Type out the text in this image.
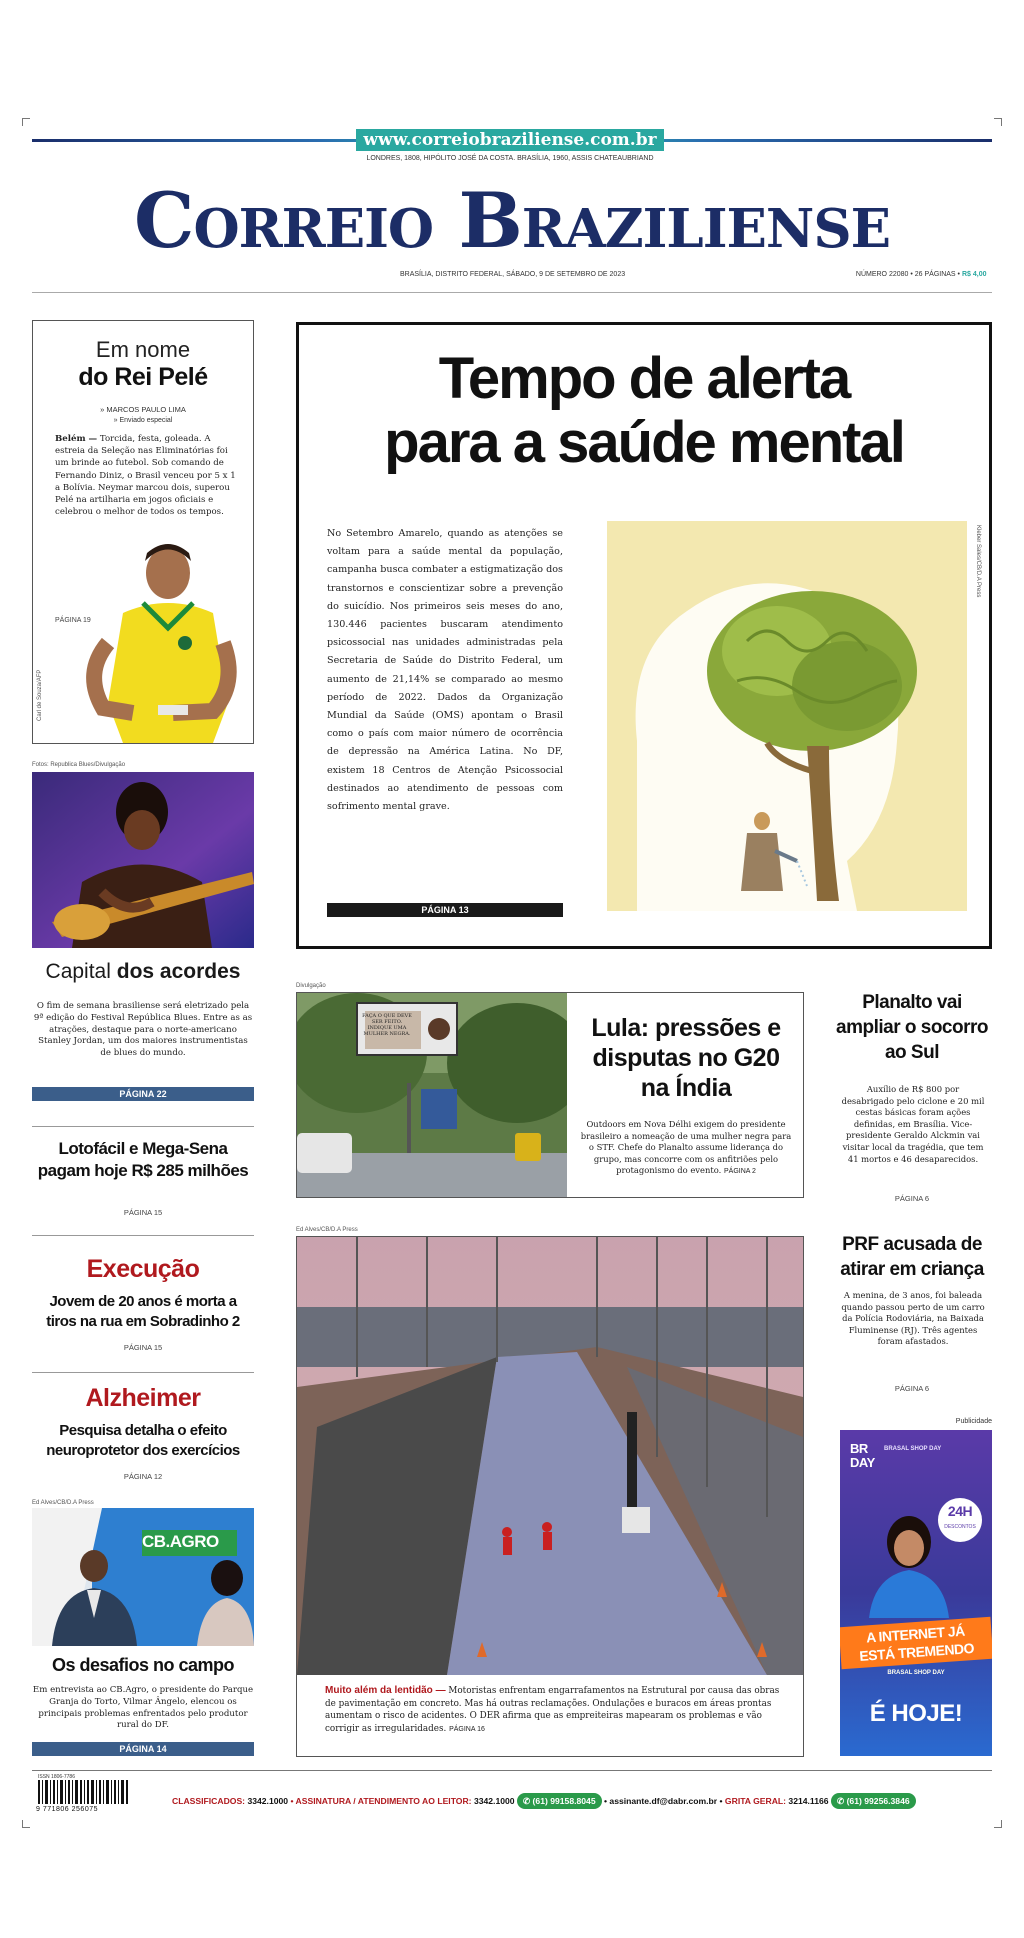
www.correiobraziliense.com.br
LONDRES, 1808, HIPÓLITO JOSÉ DA COSTA. BRASÍLIA, 1960, ASSIS CHATEAUBRIAND
Correio Braziliense
BRASÍLIA, DISTRITO FEDERAL, SÁBADO, 9 DE SETEMBRO DE 2023	NÚMERO 22080 • 26 PÁGINAS • R$ 4,00
Em nome
do Rei Pelé
» MARCOS PAULO LIMA
» Enviado especial
Belém — Torcida, festa, goleada. A estreia da Seleção nas Eliminatórias foi um brinde ao futebol. Sob comando de Fernando Diniz, o Brasil venceu por 5 x 1 a Bolívia. Neymar marcou dois, superou Pelé na artilharia em jogos oficiais e celebrou o melhor de todos os tempos.
PÁGINA 19
Carl de Souza/AFP
Fotos: Republica Blues/Divulgação
Capital dos acordes
O fim de semana brasiliense será eletrizado pela 9ª edição do Festival República Blues. Entre as as atrações, destaque para o norte-americano Stanley Jordan, um dos maiores instrumentistas de blues do mundo.
PÁGINA 22
Lotofácil e Mega-Sena pagam hoje R$ 285 milhões
PÁGINA 15
Execução
Jovem de 20 anos é morta a tiros na rua em Sobradinho 2
PÁGINA 15
Alzheimer
Pesquisa detalha o efeito neuroprotetor dos exercícios
PÁGINA 12
Ed Alves/CB/D.A Press
CB.AGRO
Os desafios no campo
Em entrevista ao CB.Agro, o presidente do Parque Granja do Torto, Vilmar Ângelo, elencou os principais problemas enfrentados pelo produtor rural do DF.
PÁGINA 14
Tempo de alerta
para a saúde mental
No Setembro Amarelo, quando as atenções se voltam para a saúde mental da população, campanha busca combater a estigmatização dos transtornos e conscientizar sobre a prevenção do suicídio. Nos primeiros seis meses do ano, 130.446 pacientes buscaram atendimento psicossocial nas unidades administradas pela Secretaria de Saúde do Distrito Federal, um aumento de 21,14% se comparado ao mesmo período de 2022. Dados da Organização Mundial da Saúde (OMS) apontam o Brasil como o país com maior número de ocorrência de depressão na América Latina. No DF, existem 18 Centros de Atenção Psicossocial destinados ao atendimento de pessoas com sofrimento mental grave.
PÁGINA 13
Kleber Sales/CB/D.A Press
Divulgação
FAÇA O QUE DEVE SER FEITO. INDIQUE UMA MULHER NEGRA.	Lula: pressões e disputas no G20 na Índia
Outdoors em Nova Délhi exigem do presidente brasileiro a nomeação de uma mulher negra para o STF. Chefe do Planalto assume liderança do grupo, mas concorre com os anfitriões pelo protagonismo do evento. PÁGINA 2
Planalto vai ampliar o socorro ao Sul
Auxílio de R$ 800 por desabrigado pelo ciclone e 20 mil cestas básicas foram ações definidas, em Brasília. Vice-presidente Geraldo Alckmin vai visitar local da tragédia, que tem 41 mortos e 46 desaparecidos.
PÁGINA 6
PRF acusada de atirar em criança
A menina, de 3 anos, foi baleada quando passou perto de um carro da Polícia Rodoviária, na Baixada Fluminense (RJ). Três agentes foram afastados.
PÁGINA 6
Ed Alves/CB/D.A Press
Muito além da lentidão — Motoristas enfrentam engarrafamentos na Estrutural por causa das obras de pavimentação em concreto. Mas há outras reclamações. Ondulações e buracos em áreas prontas aumentam o risco de acidentes. O DER afirma que as empreiteiras mapearam os problemas e vão corrigir as irregularidades. PÁGINA 16
Publicidade
BR
DAY
BRASAL SHOP DAY
24H
DESCONTOS
A INTERNET JÁ
ESTÁ TREMENDO
BRASAL SHOP DAY
É HOJE!
ISSN 1806-7786
9 771806 256075
CLASSIFICADOS: 3342.1000 • ASSINATURA / ATENDIMENTO AO LEITOR: 3342.1000 ✆ (61) 99158.8045 • assinante.df@dabr.com.br • GRITA GERAL: 3214.1166 ✆ (61) 99256.3846
